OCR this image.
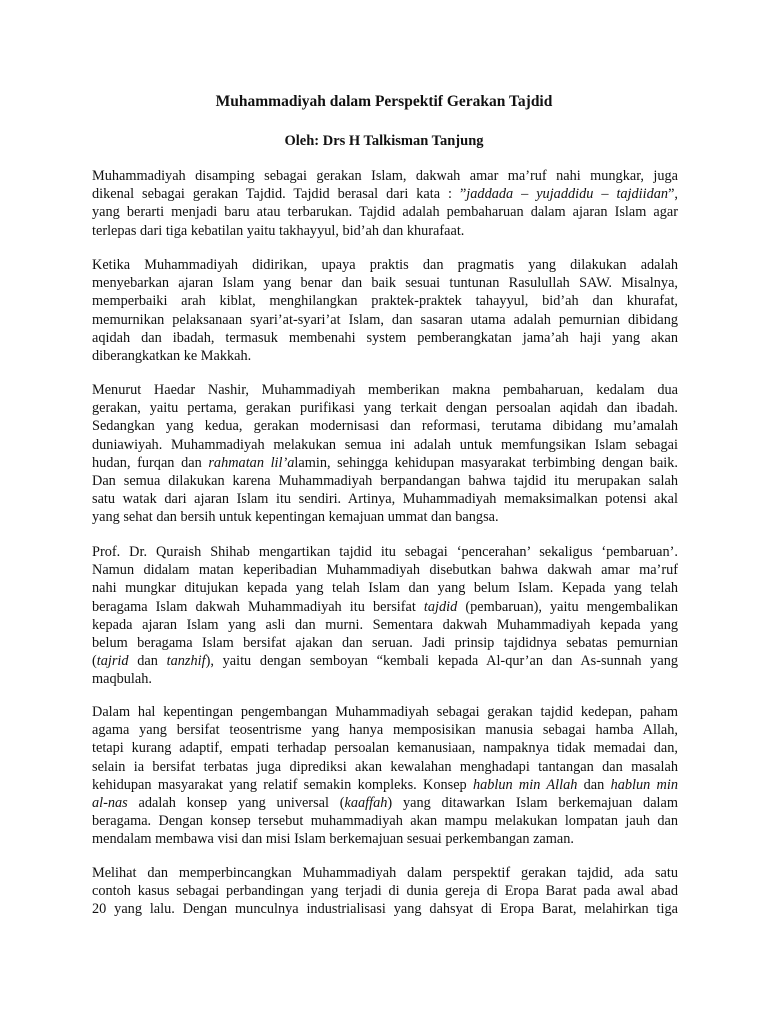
Muhammadiyah dalam Perspektif Gerakan Tajdid
Oleh: Drs H Talkisman Tanjung
Muhammadiyah disamping sebagai gerakan Islam, dakwah amar ma’ruf nahi mungkar, juga
dikenal sebagai gerakan Tajdid. Tajdid berasal dari kata : ”jaddada – yujaddidu – tajdiidan”,
yang berarti menjadi baru atau terbarukan. Tajdid adalah pembaharuan dalam ajaran Islam agar
terlepas dari tiga kebatilan yaitu takhayyul, bid’ah dan khurafaat.
Ketika Muhammadiyah didirikan, upaya praktis dan pragmatis yang dilakukan adalah
menyebarkan ajaran Islam yang benar dan baik sesuai tuntunan Rasulullah SAW. Misalnya,
memperbaiki arah kiblat, menghilangkan praktek-praktek tahayyul, bid’ah dan khurafat,
memurnikan pelaksanaan syari’at-syari’at Islam, dan sasaran utama adalah pemurnian dibidang
aqidah dan ibadah, termasuk membenahi system pemberangkatan jama’ah haji yang akan
diberangkatkan ke Makkah.
Menurut Haedar Nashir, Muhammadiyah memberikan makna pembaharuan, kedalam dua
gerakan, yaitu pertama, gerakan purifikasi yang terkait dengan persoalan aqidah dan ibadah.
Sedangkan yang kedua, gerakan modernisasi dan reformasi, terutama dibidang mu’amalah
duniawiyah. Muhammadiyah melakukan semua ini adalah untuk memfungsikan Islam sebagai
hudan, furqan dan rahmatan lil’alamin, sehingga kehidupan masyarakat terbimbing dengan baik.
Dan semua dilakukan karena Muhammadiyah berpandangan bahwa tajdid itu merupakan salah
satu watak dari ajaran Islam itu sendiri. Artinya, Muhammadiyah memaksimalkan potensi akal
yang sehat dan bersih untuk kepentingan kemajuan ummat dan bangsa.
Prof. Dr. Quraish Shihab mengartikan tajdid itu sebagai ‘pencerahan’ sekaligus ‘pembaruan’.
Namun didalam matan keperibadian Muhammadiyah disebutkan bahwa dakwah amar ma’ruf
nahi mungkar ditujukan kepada yang telah Islam dan yang belum Islam. Kepada yang telah
beragama Islam dakwah Muhammadiyah itu bersifat tajdid (pembaruan), yaitu mengembalikan
kepada ajaran Islam yang asli dan murni. Sementara dakwah Muhammadiyah kepada yang
belum beragama Islam bersifat ajakan dan seruan. Jadi prinsip tajdidnya sebatas pemurnian
(tajrid dan tanzhif), yaitu dengan semboyan “kembali kepada Al-qur’an dan As-sunnah yang
maqbulah.
Dalam hal kepentingan pengembangan Muhammadiyah sebagai gerakan tajdid kedepan, paham
agama yang bersifat teosentrisme yang hanya memposisikan manusia sebagai hamba Allah,
tetapi kurang adaptif, empati terhadap persoalan kemanusiaan, nampaknya tidak memadai dan,
selain ia bersifat terbatas juga diprediksi akan kewalahan menghadapi tantangan dan masalah
kehidupan masyarakat yang relatif semakin kompleks. Konsep hablun min Allah dan hablun min
al-nas adalah konsep yang universal (kaaffah) yang ditawarkan Islam berkemajuan dalam
beragama. Dengan konsep tersebut muhammadiyah akan mampu melakukan lompatan jauh dan
mendalam membawa visi dan misi Islam berkemajuan sesuai perkembangan zaman.
Melihat dan memperbincangkan Muhammadiyah dalam perspektif gerakan tajdid, ada satu
contoh kasus sebagai perbandingan yang terjadi di dunia gereja di Eropa Barat pada awal abad
20 yang lalu. Dengan munculnya industrialisasi yang dahsyat di Eropa Barat, melahirkan tiga
